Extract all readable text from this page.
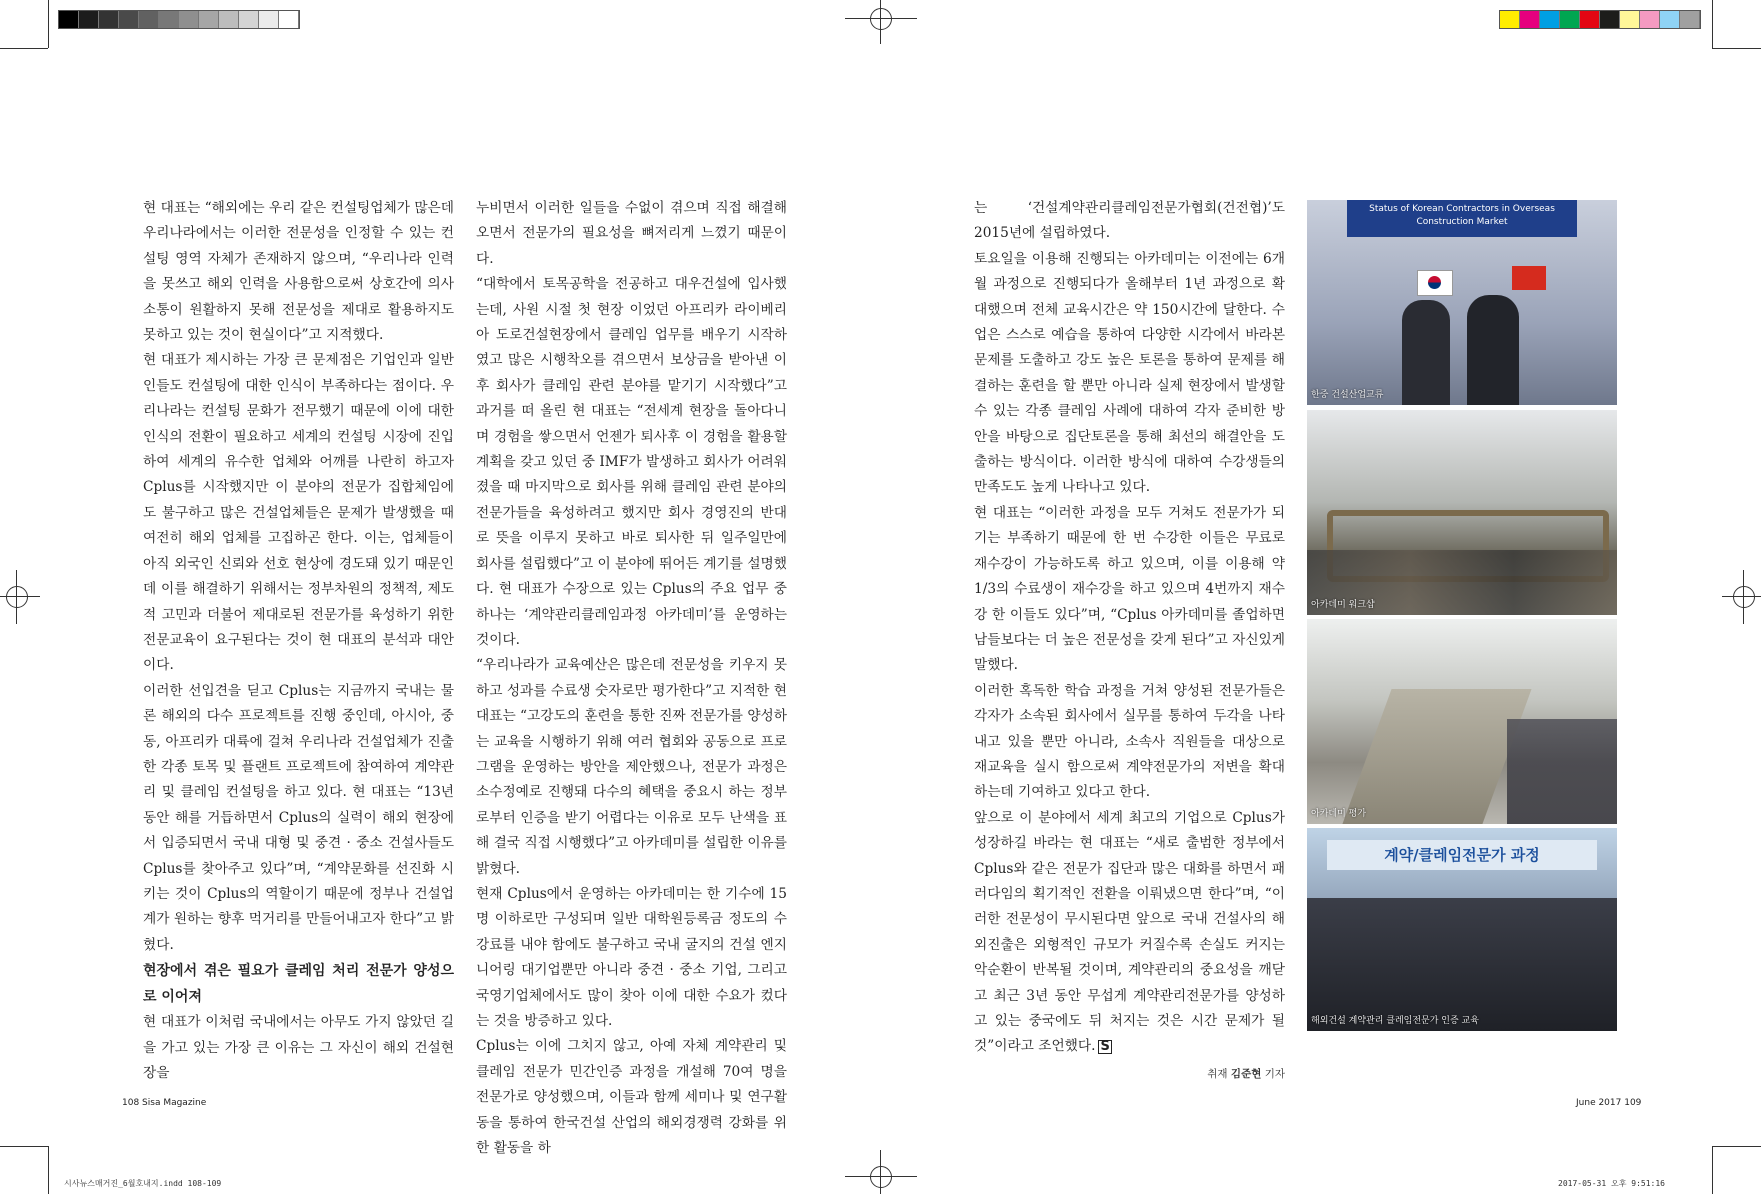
현 대표는 “해외에는 우리 같은 컨설팅업체가 많은데 우리나라에서는 이러한 전문성을 인정할 수 있는 컨설팅 영역 자체가 존재하지 않으며, “우리나라 인력을 못쓰고 해외 인력을 사용함으로써 상호간에 의사소통이 원활하지 못해 전문성을 제대로 활용하지도 못하고 있는 것이 현실이다”고 지적했다.

현 대표가 제시하는 가장 큰 문제점은 기업인과 일반인들도 컨설팅에 대한 인식이 부족하다는 점이다. 우리나라는 컨설팅 문화가 전무했기 때문에 이에 대한 인식의 전환이 필요하고 세계의 컨설팅 시장에 진입하여 세계의 유수한 업체와 어깨를 나란히 하고자 Cplus를 시작했지만 이 분야의 전문가 집합체임에도 불구하고 많은 건설업체들은 문제가 발생했을 때 여전히 해외 업체를 고집하곤 한다. 이는, 업체들이 아직 외국인 신뢰와 선호 현상에 경도돼 있기 때문인데 이를 해결하기 위해서는 정부차원의 정책적, 제도적 고민과 더불어 제대로된 전문가를 육성하기 위한 전문교육이 요구된다는 것이 현 대표의 분석과 대안이다.

이러한 선입견을 딛고 Cplus는 지금까지 국내는 물론 해외의 다수 프로젝트를 진행 중인데, 아시아, 중동, 아프리카 대륙에 걸쳐 우리나라 건설업체가 진출한 각종 토목 및 플랜트 프로젝트에 참여하여 계약관리 및 클레임 컨설팅을 하고 있다. 현 대표는 “13년 동안 해를 거듭하면서 Cplus의 실력이 해외 현장에서 입증되면서 국내 대형 및 중견 · 중소 건설사들도 Cplus를 찾아주고 있다”며, “계약문화를 선진화 시키는 것이 Cplus의 역할이기 때문에 정부나 건설업계가 원하는 향후 먹거리를 만들어내고자 한다”고 밝혔다.

현장에서 겪은 필요가 클레임 처리 전문가 양성으로 이어져

현 대표가 이처럼 국내에서는 아무도 가지 않았던 길을 가고 있는 가장 큰 이유는 그 자신이 해외 건설현장을

누비면서 이러한 일들을 수없이 겪으며 직접 해결해오면서 전문가의 필요성을 뼈저리게 느꼈기 때문이다.

“대학에서 토목공학을 전공하고 대우건설에 입사했는데, 사원 시절 첫 현장 이었던 아프리카 라이베리아 도로건설현장에서 클레임 업무를 배우기 시작하였고 많은 시행착오를 겪으면서 보상금을 받아낸 이후 회사가 클레임 관련 분야를 맡기기 시작했다”고 과거를 떠 올린 현 대표는 “전세계 현장을 돌아다니며 경험을 쌓으면서 언젠가 퇴사후 이 경험을 활용할 계획을 갖고 있던 중 IMF가 발생하고 회사가 어려워졌을 때 마지막으로 회사를 위해 클레임 관련 분야의 전문가들을 육성하려고 했지만 회사 경영진의 반대로 뜻을 이루지 못하고 바로 퇴사한 뒤 일주일만에 회사를 설립했다”고 이 분야에 뛰어든 계기를 설명했다. 현 대표가 수장으로 있는 Cplus의 주요 업무 중 하나는 ‘계약관리클레임과정 아카데미’를 운영하는 것이다.

“우리나라가 교육예산은 많은데 전문성을 키우지 못하고 성과를 수료생 숫자로만 평가한다”고 지적한 현 대표는 “고강도의 훈련을 통한 진짜 전문가를 양성하는 교육을 시행하기 위해 여러 협회와 공동으로 프로그램을 운영하는 방안을 제안했으나, 전문가 과정은 소수정예로 진행돼 다수의 혜택을 중요시 하는 정부로부터 인증을 받기 어렵다는 이유로 모두 난색을 표해 결국 직접 시행했다”고 아카데미를 설립한 이유를 밝혔다.

현재 Cplus에서 운영하는 아카데미는 한 기수에 15명 이하로만 구성되며 일반 대학원등록금 정도의 수강료를 내야 함에도 불구하고 국내 굴지의 건설 엔지니어링 대기업뿐만 아니라 중견 · 중소 기업, 그리고 국영기업체에서도 많이 찾아 이에 대한 수요가 컸다는 것을 방증하고 있다.

Cplus는 이에 그치지 않고, 아예 자체 계약관리 및 클레임 전문가 민간인증 과정을 개설해 70여 명을 전문가로 양성했으며, 이들과 함께 세미나 및 연구활동을 통하여 한국건설 산업의 해외경쟁력 강화를 위한 활동을 하

는 ‘건설계약관리클레임전문가협회(건전협)’도 2015년에 설립하였다.

토요일을 이용해 진행되는 아카데미는 이전에는 6개월 과정으로 진행되다가 올해부터 1년 과정으로 확대했으며 전체 교육시간은 약 150시간에 달한다. 수업은 스스로 예습을 통하여 다양한 시각에서 바라본 문제를 도출하고 강도 높은 토론을 통하여 문제를 해결하는 훈련을 할 뿐만 아니라 실제 현장에서 발생할 수 있는 각종 클레임 사례에 대하여 각자 준비한 방안을 바탕으로 집단토론을 통해 최선의 해결안을 도출하는 방식이다. 이러한 방식에 대하여 수강생들의 만족도도 높게 나타나고 있다.

현 대표는 “이러한 과정을 모두 거쳐도 전문가가 되기는 부족하기 때문에 한 번 수강한 이들은 무료로 재수강이 가능하도록 하고 있으며, 이를 이용해 약 1/3의 수료생이 재수강을 하고 있으며 4번까지 재수강 한 이들도 있다”며, “Cplus 아카데미를 졸업하면 남들보다는 더 높은 전문성을 갖게 된다”고 자신있게 말했다.

이러한 혹독한 학습 과정을 거쳐 양성된 전문가들은 각자가 소속된 회사에서 실무를 통하여 두각을 나타내고 있을 뿐만 아니라, 소속사 직원들을 대상으로 재교육을 실시 함으로써 계약전문가의 저변을 확대하는데 기여하고 있다고 한다.

앞으로 이 분야에서 세계 최고의 기업으로 Cplus가 성장하길 바라는 현 대표는 “새로 출범한 정부에서 Cplus와 같은 전문가 집단과 많은 대화를 하면서 패러다임의 획기적인 전환을 이뤄냈으면 한다”며, “이러한 전문성이 무시된다면 앞으로 국내 건설사의 해외진출은 외형적인 규모가 커질수록 손실도 커지는 악순환이 반복될 것이며, 계약관리의 중요성을 깨닫고 최근 3년 동안 무섭게 계약관리전문가를 양성하고 있는 중국에도 뒤 처지는 것은 시간 문제가 될 것”이라고 조언했다. S

취재 김준현 기자
Status of Korean Contractors in Overseas Construction Market
한중 건설산업교류
아카데미 워크샵
아카데미 평가
계약/클레임전문가 과정
해외건설 계약관리 클레임전문가 인증 교육
108 Sisa Magazine	June 2017 109
시사뉴스매거진_6월호내지.indd 108-109	2017-05-31 오후 9:51:16
